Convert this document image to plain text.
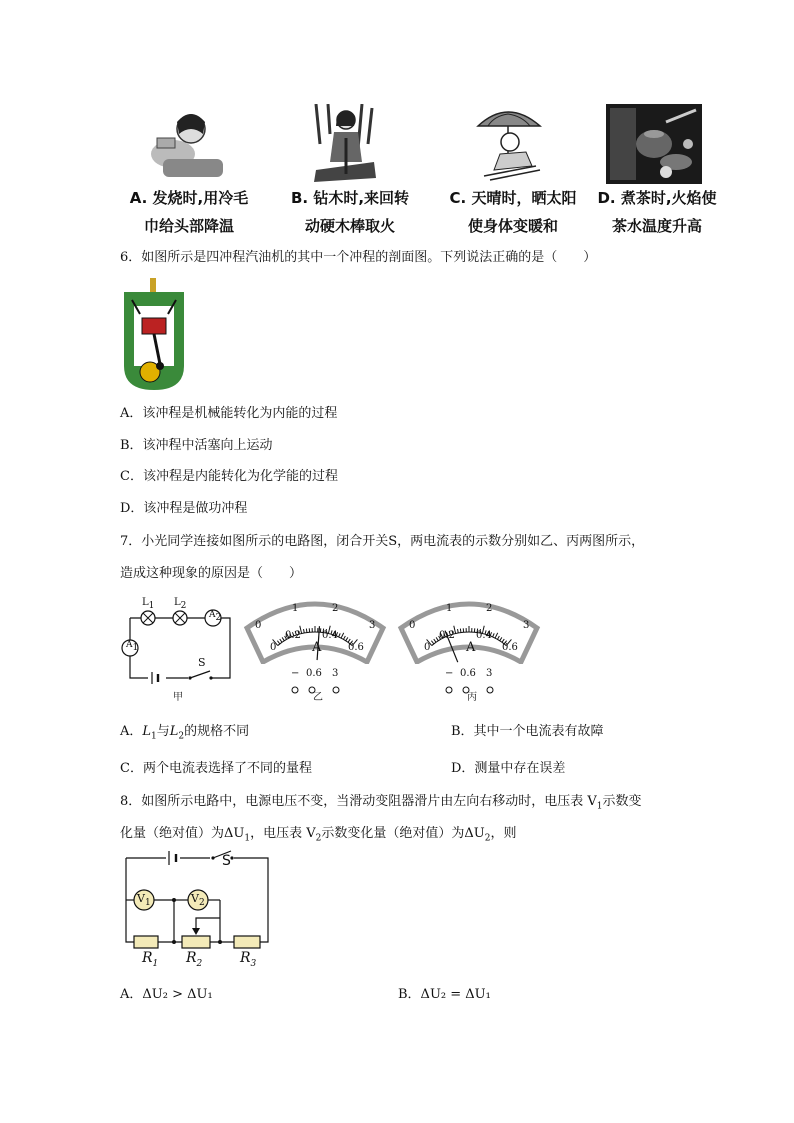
A. 发烧时,用冷毛
巾给头部降温
B. 钻木时,来回转
动硬木棒取火
C. 天晴时，晒太阳
使身体变暖和
D. 煮茶时,火焰使
茶水温度升高
6．如图所示是四冲程汽油机的其中一个冲程的剖面图。下列说法正确的是（　　）
A．该冲程是机械能转化为内能的过程
B．该冲程中活塞向上运动
C．该冲程是内能转化为化学能的过程
D．该冲程是做功冲程
7．小光同学连接如图所示的电路图，闭合开关S，两电流表的示数分别如乙、丙两图所示，
造成这种现象的原因是（　　）
$L_1$ $L_2$
$A_2$
$A_1$
S
甲
A
0
1	2
3
0
0.2 0.4
0.6
− 0.6 3
乙
A
0
1	2
3
0
0.2 0.4
0.6
− 0.6 3
丙
A．$L_1$与$L_2$的规格不同	B．其中一个电流表有故障
C．两个电流表选择了不同的量程	D．测量中存在误差
8．如图所示电路中，电源电压不变，当滑动变阻器滑片由左向右移动时，电压表 $V_1$示数变
化量（绝对值）为$\Delta U_1$，电压表 $V_2$示数变化量（绝对值）为$\Delta U_2$，则
S
$V_1$	$V_2$
$R_1$ $R_2$	$R_3$
A．ΔU₂ > ΔU₁	B．ΔU₂ = ΔU₁
